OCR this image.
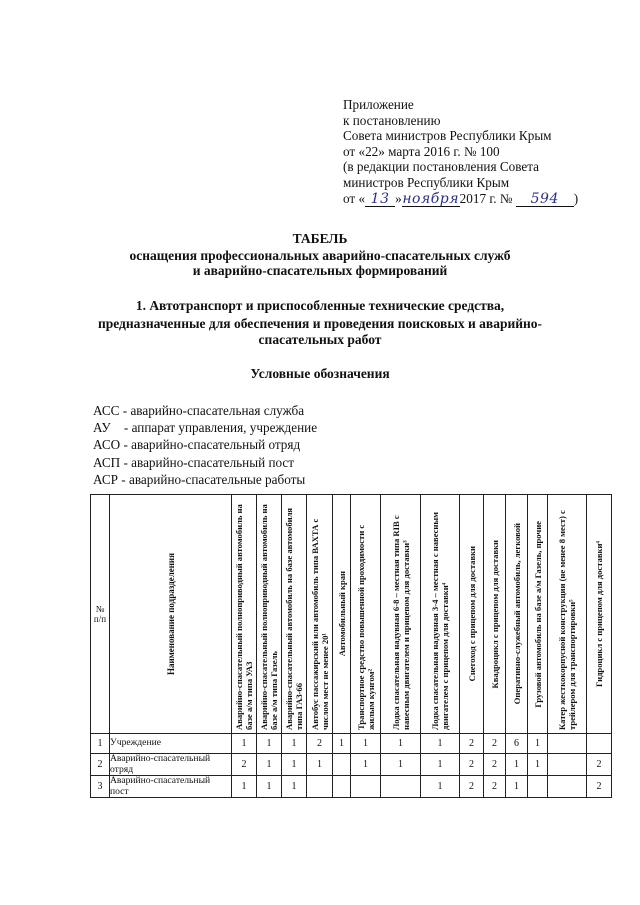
Приложение
к постановлению
Совета министров Республики Крым
от «22» марта 2016 г. № 100
(в редакции постановления Совета
министров Республики Крым
от « 13 »ноября2017 г. № 594 )
ТАБЕЛЬ
оснащения профессиональных аварийно-спасательных служб
и аварийно-спасательных формирований
1. Автотранспорт и приспособленные технические средства,
предназначенные для обеспечения и проведения поисковых и аварийно-
спасательных работ
Условные обозначения
АСС - аварийно-спасательная служба
АУ    - аппарат управления, учреждение
АСО - аварийно-спасательный отряд
АСП - аварийно-спасательный пост
АСР - аварийно-спасательные работы
№ п/п	Наименование подразделения	Аварийно-спасательный полноприводный автомобиль на базе а/м типа УАЗ	Аварийно-спасательный полноприводный автомобиль на базе а/м типа Газель	Аварийно-спасательный автомобиль на базе автомобиля типа ГАЗ-66	Автобус пассажирский или автомобиль типа ВАХТА с числом мест не менее 20¹	Автомобильный кран	Транспортное средство повышенной проходимости с жилым кунгом²	Лодка спасательная надувная 6-8 – местная типа RIB с навесным двигателем и прицепом для доставки³	Лодка спасательная надувная 3-4 – местная с навесным двигателем с прицепом для доставки⁴	Снегоход с прицепом для доставки	Квадроцикл с прицепом для доставки	Оперативно-служебный автомобиль, легковой	Грузовой автомобиль на базе а/м Газель, прочие	Катер жесткокорпусной конструкции (не менее 8 мест) с трейлером для транспортировки⁵	Гидроцикл с прицепом для доставки⁴

1	Учреждение	1	1	1	2	1	1	1	1	2	2	6	1		
2	Аварийно-спасательный отряд	2	1	1	1		1	1	1	2	2	1	1		2
3	Аварийно-спасательный пост	1	1	1					1	2	2	1			2
